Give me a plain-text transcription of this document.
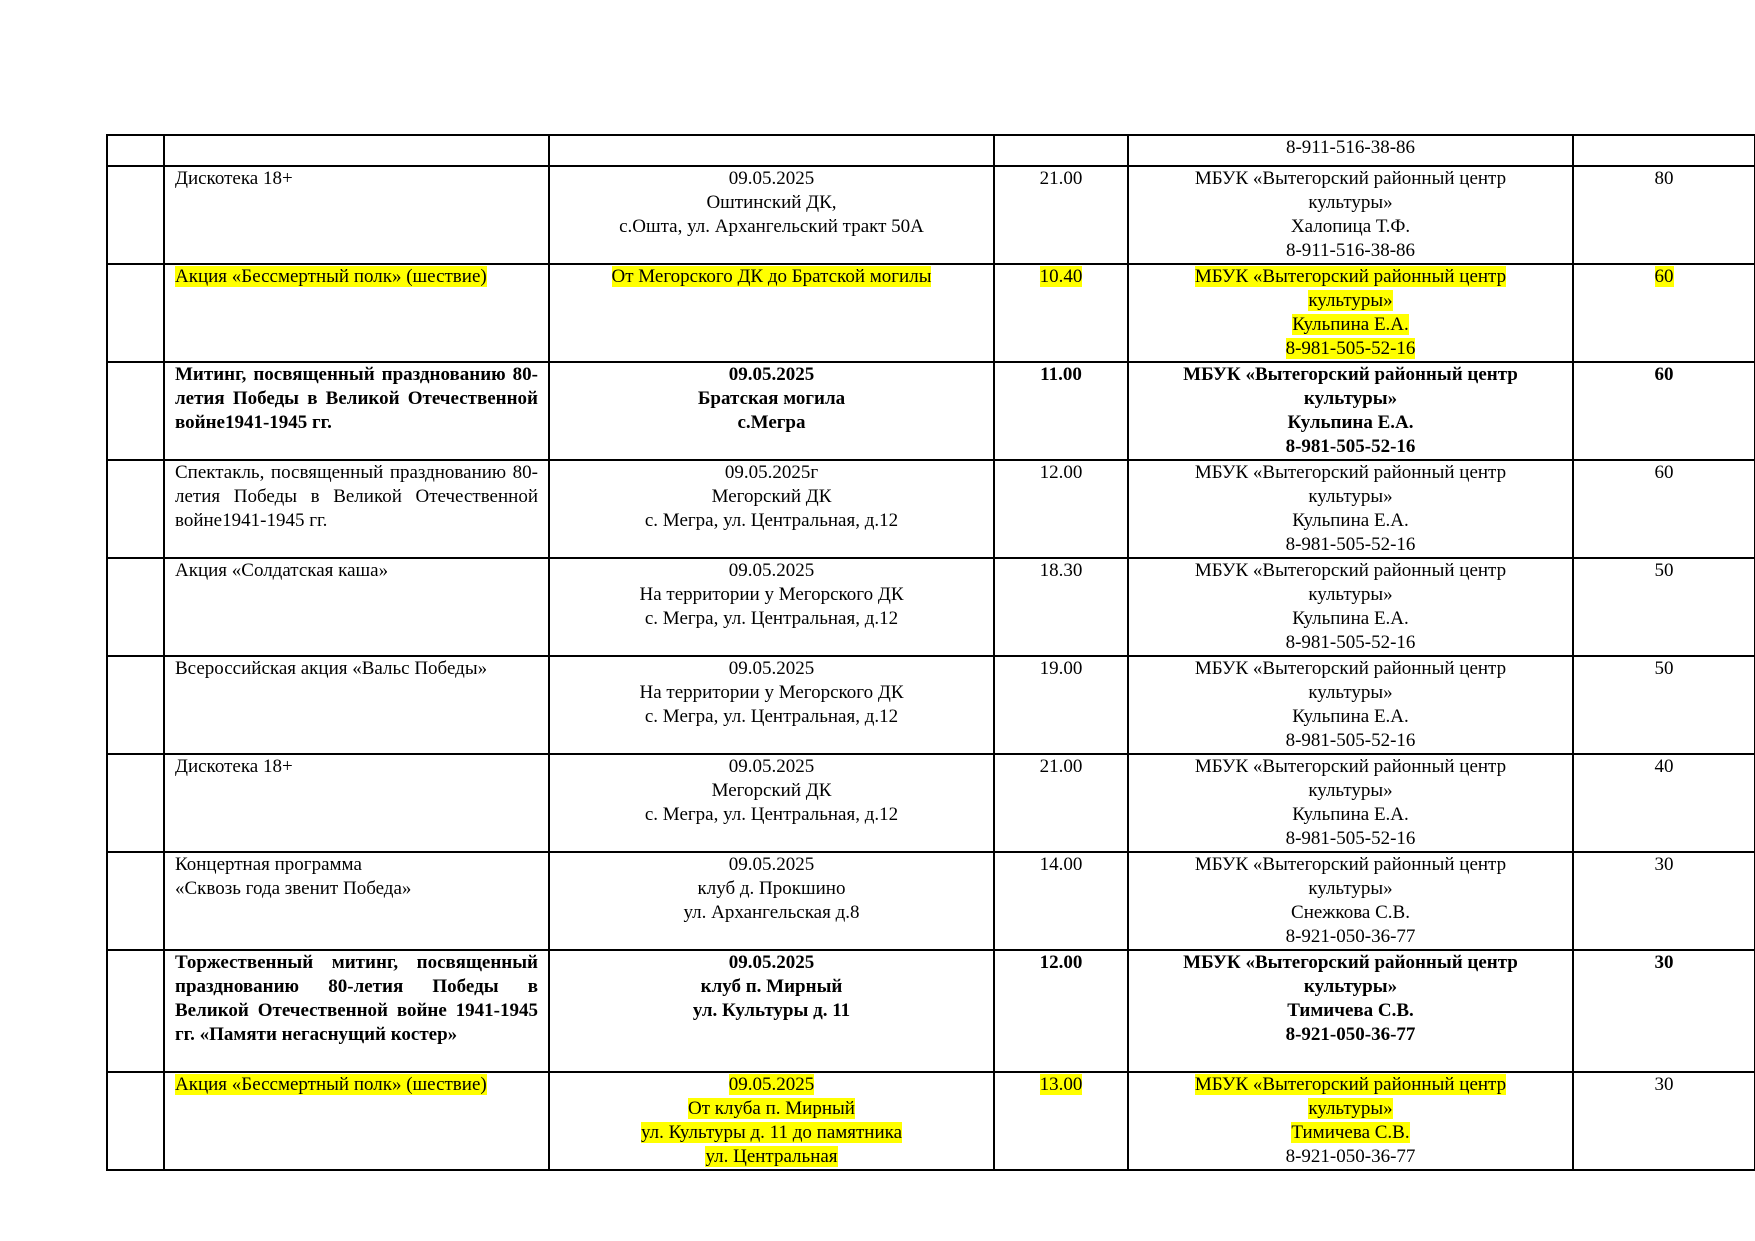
				8-911-516-38-86	

	Дискотека 18+	09.05.2025
Оштинский ДК,
с.Ошта, ул. Архангельский тракт 50А	21.00	МБУК «Вытегорский районный центр
культуры»
Халопица Т.Ф.
8-911-516-38-86	80

	Акция «Бессмертный полк» (шествие)	От Мегорского ДК до Братской могилы	10.40	МБУК «Вытегорский районный центр
культуры»
Кульпина Е.А.
8-981-505-52-16	60

	Митинг, посвященный празднованию 80-летия Победы в Великой Отечественной войне1941-1945 гг.	09.05.2025
Братская могила
с.Мегра	11.00	МБУК «Вытегорский районный центр
культуры»
Кульпина Е.А.
8-981-505-52-16	60

	Спектакль, посвященный празднованию 80-летия Победы в Великой Отечественной войне1941-1945 гг.	09.05.2025г
Мегорский ДК
с. Мегра, ул. Центральная, д.12	12.00	МБУК «Вытегорский районный центр
культуры»
Кульпина Е.А.
8-981-505-52-16	60

	Акция «Солдатская каша»	09.05.2025
На территории у Мегорского ДК
с. Мегра, ул. Центральная, д.12	18.30	МБУК «Вытегорский районный центр
культуры»
Кульпина Е.А.
8-981-505-52-16	50

	Всероссийская акция «Вальс Победы»	09.05.2025
На территории у Мегорского ДК
с. Мегра, ул. Центральная, д.12	19.00	МБУК «Вытегорский районный центр
культуры»
Кульпина Е.А.
8-981-505-52-16	50

	Дискотека 18+	09.05.2025
Мегорский ДК
с. Мегра, ул. Центральная, д.12	21.00	МБУК «Вытегорский районный центр
культуры»
Кульпина Е.А.
8-981-505-52-16	40

	Концертная программа
«Сквозь года звенит Победа»	09.05.2025
клуб д. Прокшино
ул. Архангельская д.8	14.00	МБУК «Вытегорский районный центр
культуры»
Снежкова С.В.
8-921-050-36-77	30

	Торжественный митинг, посвященный празднованию 80-летия Победы в Великой Отечественной войне 1941-1945 гг. «Памяти негаснущий костер»	09.05.2025
клуб п. Мирный
ул. Культуры д. 11	12.00	МБУК «Вытегорский районный центр
культуры»
Тимичева С.В.
8-921-050-36-77	30

	Акция «Бессмертный полк» (шествие)	09.05.2025
От клуба п. Мирный
ул. Культуры д. 11 до памятника
ул. Центральная	13.00	МБУК «Вытегорский районный центр
культуры»
Тимичева С.В.
8-921-050-36-77	30
